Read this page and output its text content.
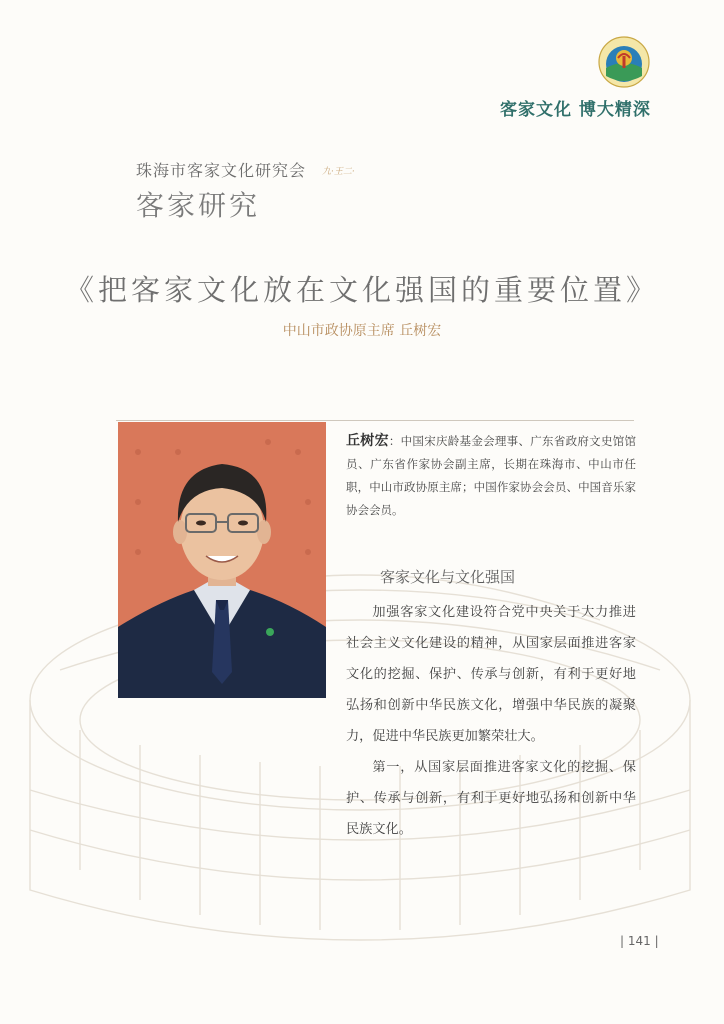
客家文化 博大精深
珠海市客家文化研究会 九·王二·
客家研究
《把客家文化放在文化强国的重要位置》
中山市政协原主席 丘树宏
丘树宏：中国宋庆龄基金会理事、广东省政府文史馆馆员、广东省作家协会副主席，长期在珠海市、中山市任职，中山市政协原主席；中国作家协会会员、中国音乐家协会会员。
客家文化与文化强国

加强客家文化建设符合党中央关于大力推进社会主义文化建设的精神，从国家层面推进客家文化的挖掘、保护、传承与创新，有利于更好地弘扬和创新中华民族文化，增强中华民族的凝聚力，促进中华民族更加繁荣壮大。

第一，从国家层面推进客家文化的挖掘、保护、传承与创新，有利于更好地弘扬和创新中华民族文化。

| 141 |
